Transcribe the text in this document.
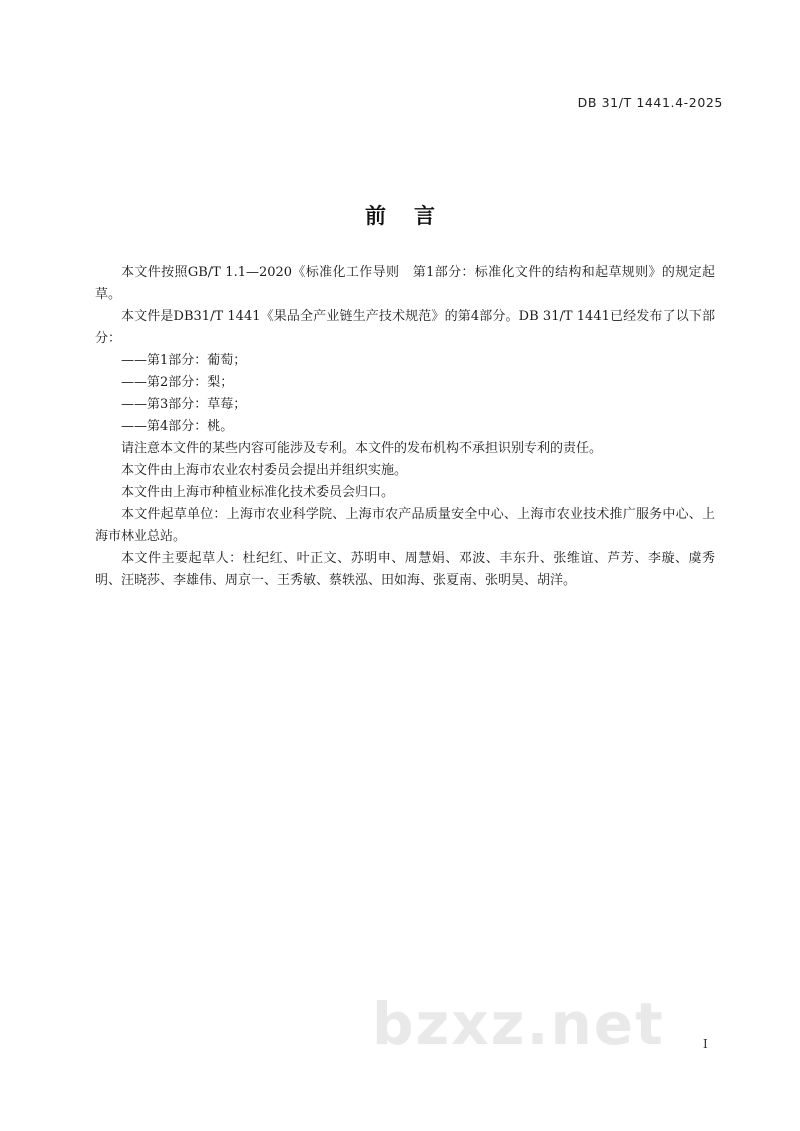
DB 31/T 1441.4-2025
前言

本文件按照GB/T 1.1—2020《标准化工作导则　第1部分：标准化文件的结构和起草规则》的规定起草。

本文件是DB31/T 1441《果品全产业链生产技术规范》的第4部分。DB 31/T 1441已经发布了以下部分：

——第1部分：葡萄；

——第2部分：梨；

——第3部分：草莓；

——第4部分：桃。

请注意本文件的某些内容可能涉及专利。本文件的发布机构不承担识别专利的责任。

本文件由上海市农业农村委员会提出并组织实施。

本文件由上海市种植业标准化技术委员会归口。

本文件起草单位：上海市农业科学院、上海市农产品质量安全中心、上海市农业技术推广服务中心、上海市林业总站。

本文件主要起草人：杜纪红、叶正文、苏明申、周慧娟、邓波、丰东升、张维谊、芦芳、李璇、虞秀明、汪晓莎、李雄伟、周京一、王秀敏、蔡轶泓、田如海、张夏南、张明昊、胡洋。

bzxz.net	I
